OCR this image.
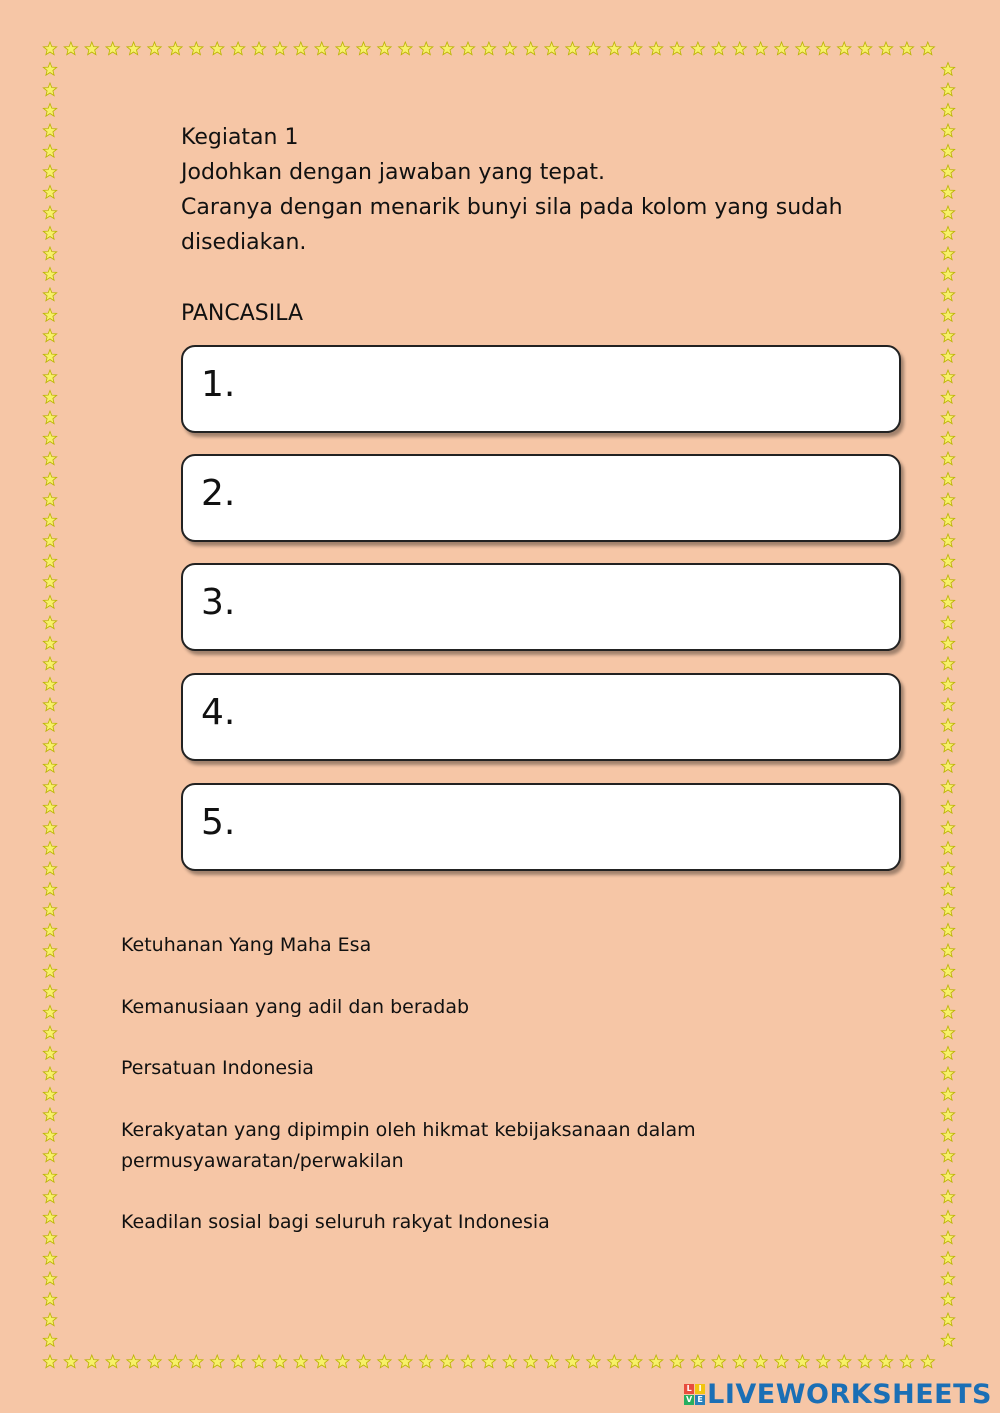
Kegiatan 1
Jodohkan dengan jawaban yang tepat.
Caranya dengan menarik bunyi sila pada kolom yang sudah
disediakan.
PANCASILA
1.
2.
3.
4.
5.
Ketuhanan Yang Maha Esa
Kemanusiaan yang adil dan beradab
Persatuan Indonesia
Kerakyatan yang dipimpin oleh hikmat kebijaksanaan dalam
permusyawaratan/perwakilan
Keadilan sosial bagi seluruh rakyat Indonesia
L I
V E LIVEWORKSHEETS
